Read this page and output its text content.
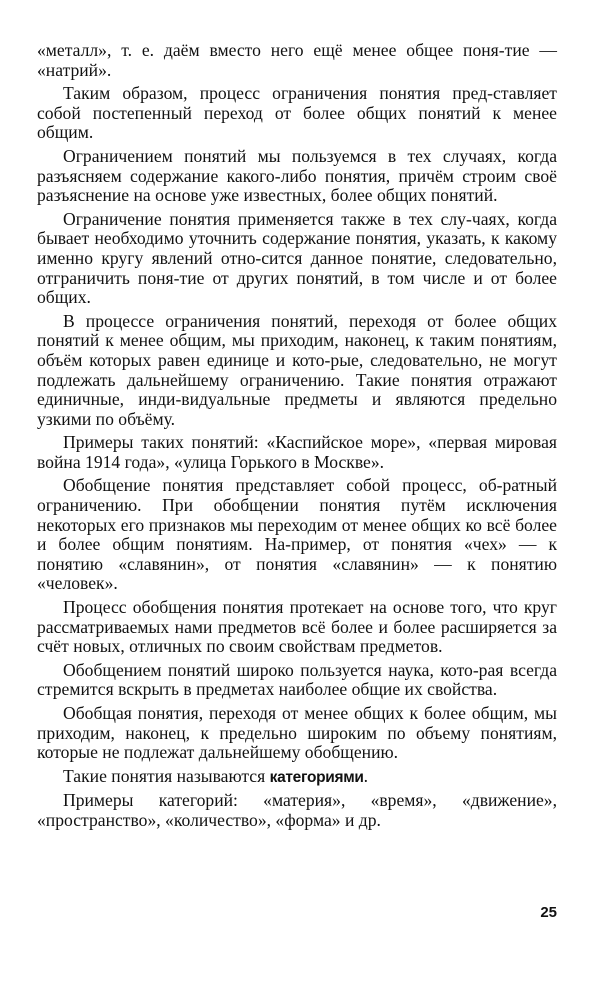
«металл», т. е. даём вместо него ещё менее общее поня-тие — «натрий».

Таким образом, процесс ограничения понятия пред-ставляет собой постепенный переход от более общих понятий к менее общим.

Ограничением понятий мы пользуемся в тех случаях, когда разъясняем содержание какого-либо понятия, причём строим своё разъяснение на основе уже известных, более общих понятий.

Ограничение понятия применяется также в тех слу-чаях, когда бывает необходимо уточнить содержание понятия, указать, к какому именно кругу явлений отно-сится данное понятие, следовательно, отграничить поня-тие от других понятий, в том числе и от более общих.

В процессе ограничения понятий, переходя от более общих понятий к менее общим, мы приходим, наконец, к таким понятиям, объём которых равен единице и кото-рые, следовательно, не могут подлежать дальнейшему ограничению. Такие понятия отражают единичные, инди-видуальные предметы и являются предельно узкими по объёму.

Примеры таких понятий: «Каспийское море», «первая мировая война 1914 года», «улица Горького в Москве».

Обобщение понятия представляет собой процесс, об-ратный ограничению. При обобщении понятия путём исключения некоторых его признаков мы переходим от менее общих ко всё более и более общим понятиям. На-пример, от понятия «чех» — к понятию «славянин», от понятия «славянин» — к понятию «человек».

Процесс обобщения понятия протекает на основе того, что круг рассматриваемых нами предметов всё более и более расширяется за счёт новых, отличных по своим свойствам предметов.

Обобщением понятий широко пользуется наука, кото-рая всегда стремится вскрыть в предметах наиболее общие их свойства.

Обобщая понятия, переходя от менее общих к более общим, мы приходим, наконец, к предельно широким по объему понятиям, которые не подлежат дальнейшему обобщению.

Такие понятия называются категориями.

Примеры категорий: «материя», «время», «движение», «пространство», «количество», «форма» и др.

25
